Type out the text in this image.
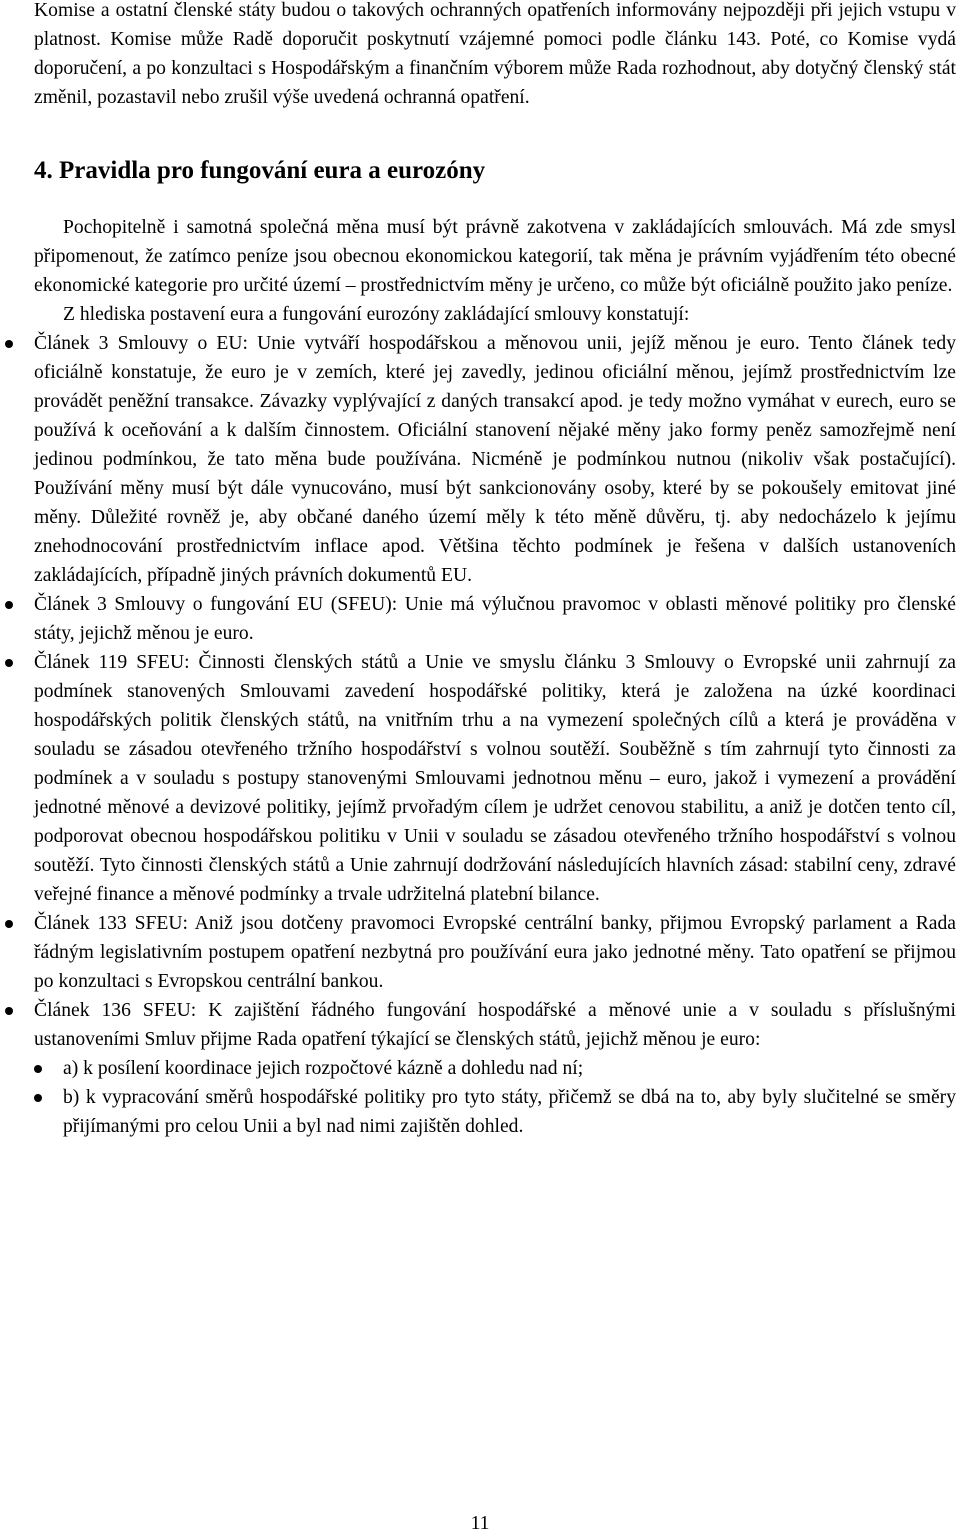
Komise a ostatní členské státy budou o takových ochranných opatřeních informovány nejpozději při jejich vstupu v platnost. Komise může Radě doporučit poskytnutí vzájemné pomoci podle článku 143. Poté, co Komise vydá doporučení, a po konzultaci s Hospodářským a finančním výborem může Rada rozhodnout, aby dotyčný členský stát změnil, pozastavil nebo zrušil výše uvedená ochranná opatření.

4. Pravidla pro fungování eura a eurozóny

Pochopitelně i samotná společná měna musí být právně zakotvena v zakládajících smlouvách. Má zde smysl připomenout, že zatímco peníze jsou obecnou ekonomickou kategorií, tak měna je právním vyjádřením této obecné ekonomické kategorie pro určité území – prostřednictvím měny je určeno, co může být oficiálně použito jako peníze.

Z hlediska postavení eura a fungování eurozóny zakládající smlouvy konstatují:

Článek 3 Smlouvy o EU: Unie vytváří hospodářskou a měnovou unii, jejíž měnou je euro. Tento článek tedy oficiálně konstatuje, že euro je v zemích, které jej zavedly, jedinou oficiální měnou, jejímž prostřednictvím lze provádět peněžní transakce. Závazky vyplývající z daných transakcí apod. je tedy možno vymáhat v eurech, euro se používá k oceňování a k dalším činnostem. Oficiální stanovení nějaké měny jako formy peněz samozřejmě není jedinou podmínkou, že tato měna bude používána. Nicméně je podmínkou nutnou (nikoliv však postačující). Používání měny musí být dále vynucováno, musí být sankcionovány osoby, které by se pokoušely emitovat jiné měny. Důležité rovněž je, aby občané daného území měly k této měně důvěru, tj. aby nedocházelo k jejímu znehodnocování prostřednictvím inflace apod. Většina těchto podmínek je řešena v dalších ustanoveních zakládajících, případně jiných právních dokumentů EU.
Článek 3 Smlouvy o fungování EU (SFEU): Unie má výlučnou pravomoc v oblasti měnové politiky pro členské státy, jejichž měnou je euro.
Článek 119 SFEU: Činnosti členských států a Unie ve smyslu článku 3 Smlouvy o Evropské unii zahrnují za podmínek stanovených Smlouvami zavedení hospodářské politiky, která je založena na úzké koordinaci hospodářských politik členských států, na vnitřním trhu a na vymezení společných cílů a která je prováděna v souladu se zásadou otevřeného tržního hospodářství s volnou soutěží. Souběžně s tím zahrnují tyto činnosti za podmínek a v souladu s postupy stanovenými Smlouvami jednotnou měnu – euro, jakož i vymezení a provádění jednotné měnové a devizové politiky, jejímž prvořadým cílem je udržet cenovou stabilitu, a aniž je dotčen tento cíl, podporovat obecnou hospodářskou politiku v Unii v souladu se zásadou otevřeného tržního hospodářství s volnou soutěží. Tyto činnosti členských států a Unie zahrnují dodržování následujících hlavních zásad: stabilní ceny, zdravé veřejné finance a měnové podmínky a trvale udržitelná platební bilance.
Článek 133 SFEU: Aniž jsou dotčeny pravomoci Evropské centrální banky, přijmou Evropský parlament a Rada řádným legislativním postupem opatření nezbytná pro používání eura jako jednotné měny. Tato opatření se přijmou po konzultaci s Evropskou centrální bankou.
Článek 136 SFEU: K zajištění řádného fungování hospodářské a měnové unie a v souladu s příslušnými ustanoveními Smluv přijme Rada opatření týkající se členských států, jejichž měnou je euro:
a) k posílení koordinace jejich rozpočtové kázně a dohledu nad ní;
b) k vypracování směrů hospodářské politiky pro tyto státy, přičemž se dbá na to, aby byly slučitelné se směry přijímanými pro celou Unii a byl nad nimi zajištěn dohled.
11
